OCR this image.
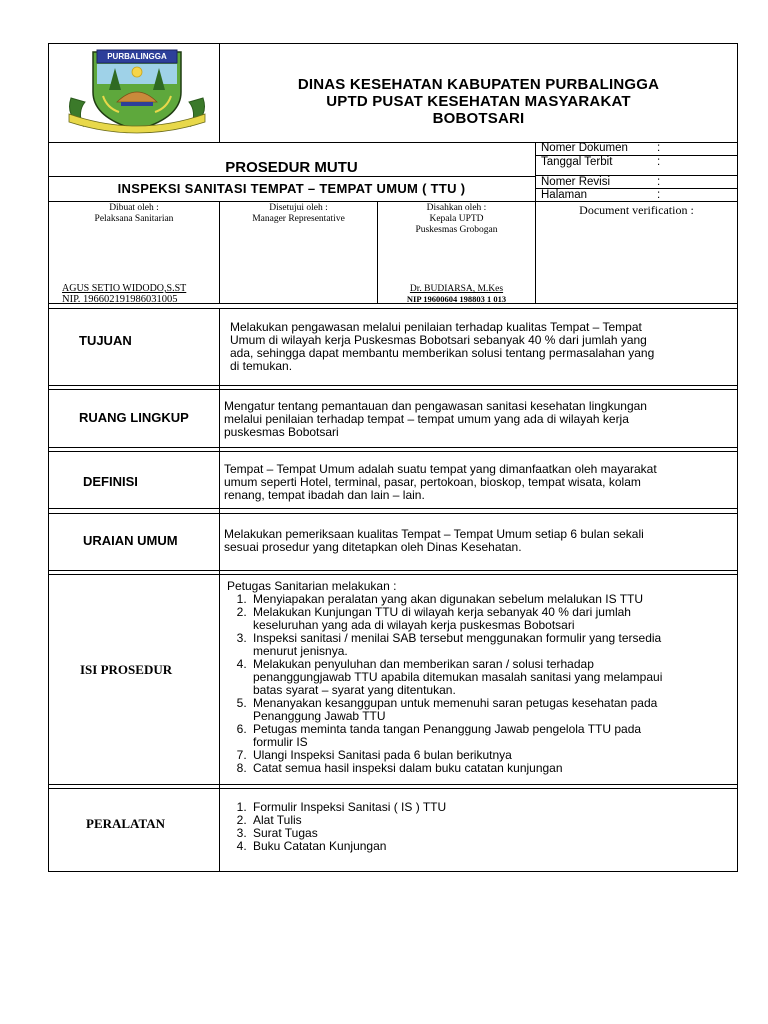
PURBALINGGA
DINAS KESEHATAN KABUPATEN PURBALINGGA
UPTD PUSAT KESEHATAN MASYARAKAT
BOBOTSARI
PROSEDUR MUTU
INSPEKSI SANITASI TEMPAT – TEMPAT UMUM ( TTU )
Nomer Dokumen	:
Tanggal Terbit	:
Nomer Revisi	:
Halaman	:
Dibuat oleh :
Pelaksana Sanitarian
AGUS SETIO WIDODO,S.ST
NIP. 196602191986031005
Disetujui oleh :
Manager Representative
Disahkan oleh :
Kepala UPTD
Puskesmas Grobogan
Dr. BUDIARSA, M.Kes
NIP 19600604 198803 1 013
Document verification :
TUJUAN
Melakukan pengawasan melalui penilaian terhadap kualitas Tempat – Tempat
Umum di wilayah kerja Puskesmas Bobotsari sebanyak 40 % dari jumlah yang
ada, sehingga dapat membantu memberikan solusi tentang permasalahan yang
di temukan.
RUANG LINGKUP
Mengatur tentang pemantauan dan pengawasan sanitasi kesehatan lingkungan
melalui penilaian terhadap tempat – tempat umum yang ada di wilayah kerja
puskesmas Bobotsari
DEFINISI
Tempat – Tempat Umum adalah suatu tempat yang dimanfaatkan oleh mayarakat
umum seperti Hotel, terminal, pasar, pertokoan, bioskop, tempat wisata, kolam
renang, tempat ibadah dan lain – lain.
URAIAN UMUM	Melakukan pemeriksaan kualitas Tempat – Tempat Umum setiap 6 bulan sekali
sesuai prosedur yang ditetapkan oleh Dinas Kesehatan.
ISI PROSEDUR
Petugas Sanitarian melakukan :
1. Menyiapakan peralatan yang akan digunakan sebelum melalukan IS TTU
2. Melakukan Kunjungan TTU di wilayah kerja sebanyak 40 % dari jumlah
keseluruhan yang ada di wilayah kerja puskesmas Bobotsari
3. Inspeksi sanitasi / menilai SAB tersebut menggunakan formulir yang tersedia
menurut jenisnya.
4. Melakukan penyuluhan dan memberikan saran / solusi terhadap
penanggungjawab TTU apabila ditemukan masalah sanitasi yang melampaui
batas syarat – syarat yang ditentukan.
5. Menanyakan kesanggupan untuk memenuhi saran petugas kesehatan pada
Penanggung Jawab TTU
6. Petugas meminta tanda tangan Penanggung Jawab pengelola TTU pada
formulir IS
7. Ulangi Inspeksi Sanitasi pada 6 bulan berikutnya
8. Catat semua hasil inspeksi dalam buku catatan kunjungan
PERALATAN
1. Formulir Inspeksi Sanitasi ( IS ) TTU
2. Alat Tulis
3. Surat Tugas
4. Buku Catatan Kunjungan
